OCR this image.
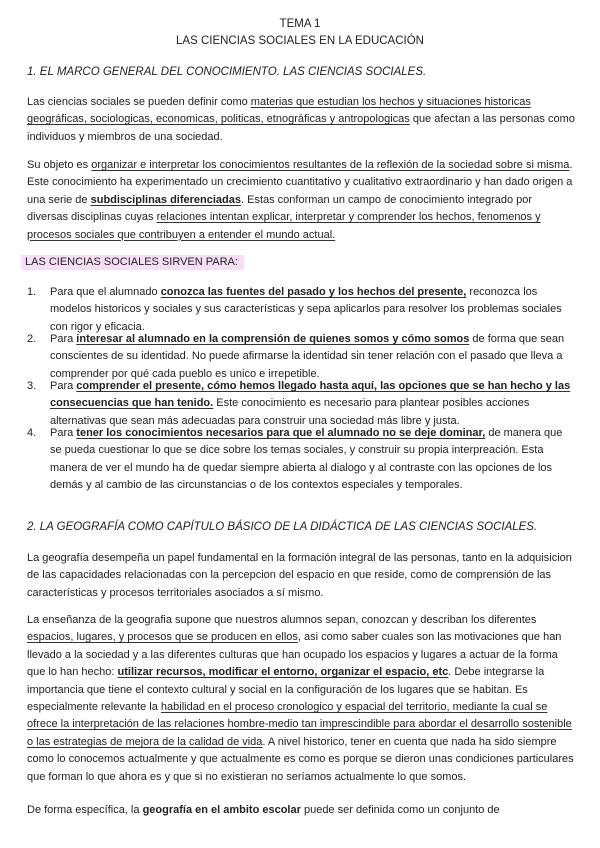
TEMA 1
LAS CIENCIAS SOCIALES EN LA EDUCACIÓN
1. EL MARCO GENERAL DEL CONOCIMIENTO. LAS CIENCIAS SOCIALES.
Las ciencias sociales se pueden definir como materias que estudian los hechos y situaciones historicas geográficas, sociologicas, economicas, politicas, etnográficas y antropologicas que afectan a las personas como individuos y miembros de una sociedad.
Su objeto es organizar e interpretar los conocimientos resultantes de la reflexión de la sociedad sobre si misma. Este conocimiento ha experimentado un crecimiento cuantitativo y cualitativo extraordinario y han dado origen a una serie de subdisciplinas diferenciadas. Estas conforman un campo de conocimiento integrado por diversas disciplinas cuyas relaciones intentan explicar, interpretar y comprender los hechos, fenomenos y procesos sociales que contribuyen a entender el mundo actual.
LAS CIENCIAS SOCIALES SIRVEN PARA:
1.	Para que el alumnado conozca las fuentes del pasado y los hechos del presente, reconozca los modelos historicos y sociales y sus características y sepa aplicarlos para resolver los problemas sociales con rigor y eficacia.
2.	Para interesar al alumnado en la comprensión de quienes somos y cómo somos de forma que sean conscientes de su identidad. No puede afirmarse la identidad sin tener relación con el pasado que lleva a comprender por qué cada pueblo es unico e irrepetible.
3.	Para comprender el presente, cómo hemos llegado hasta aquí, las opciones que se han hecho y las consecuencias que han tenido. Este conocimiento es necesario para plantear posibles acciones alternativas que sean más adecuadas para construir una sociedad más libre y justa.
4.	Para tener los conocimientos necesarios para que el alumnado no se deje dominar, de manera que se pueda cuestionar lo que se dice sobre los temas sociales, y construir su propia interpreación. Esta manera de ver el mundo ha de quedar siempre abierta al dialogo y al contraste con las opciones de los demás y al cambio de las circunstancias o de los contextos especiales y temporales.
2. LA GEOGRAFÍA COMO CAPÍTULO BÁSICO DE LA DIDÁCTICA DE LAS CIENCIAS SOCIALES.
La geografía desempeña un papel fundamental en la formación integral de las personas, tanto en la adquisicion de las capacidades relacionadas con la percepcion del espacio en que reside, como de comprensión de las características y procesos territoriales asociados a sí mismo.
La enseñanza de la geografia supone que nuestros alumnos sepan, conozcan y describan los diferentes espacios, lugares, y procesos que se producen en ellos, asi como saber cuales son las motivaciones que han llevado a la sociedad y a las diferentes culturas que han ocupado los espacios y lugares a actuar de la forma que lo han hecho: utilizar recursos, modificar el entorno, organizar el espacio, etc. Debe integrarse la importancia que tiene el contexto cultural y social en la configuración de los lugares que se habitan. Es especialmente relevante la habilidad en el proceso cronologico y espacial del territorio, mediante la cual se ofrece la interpretación de las relaciones hombre-medio tan imprescindible para abordar el desarrollo sostenible o las estrategias de mejora de la calidad de vida. A nivel historico, tener en cuenta que nada ha sido siempre como lo conocemos actualmente y que actualmente es como es porque se dieron unas condiciones particulares que forman lo que ahora es y que si no existieran no seríamos actualmente lo que somos.
De forma específica, la geografía en el ambito escolar puede ser definida como un conjunto de
